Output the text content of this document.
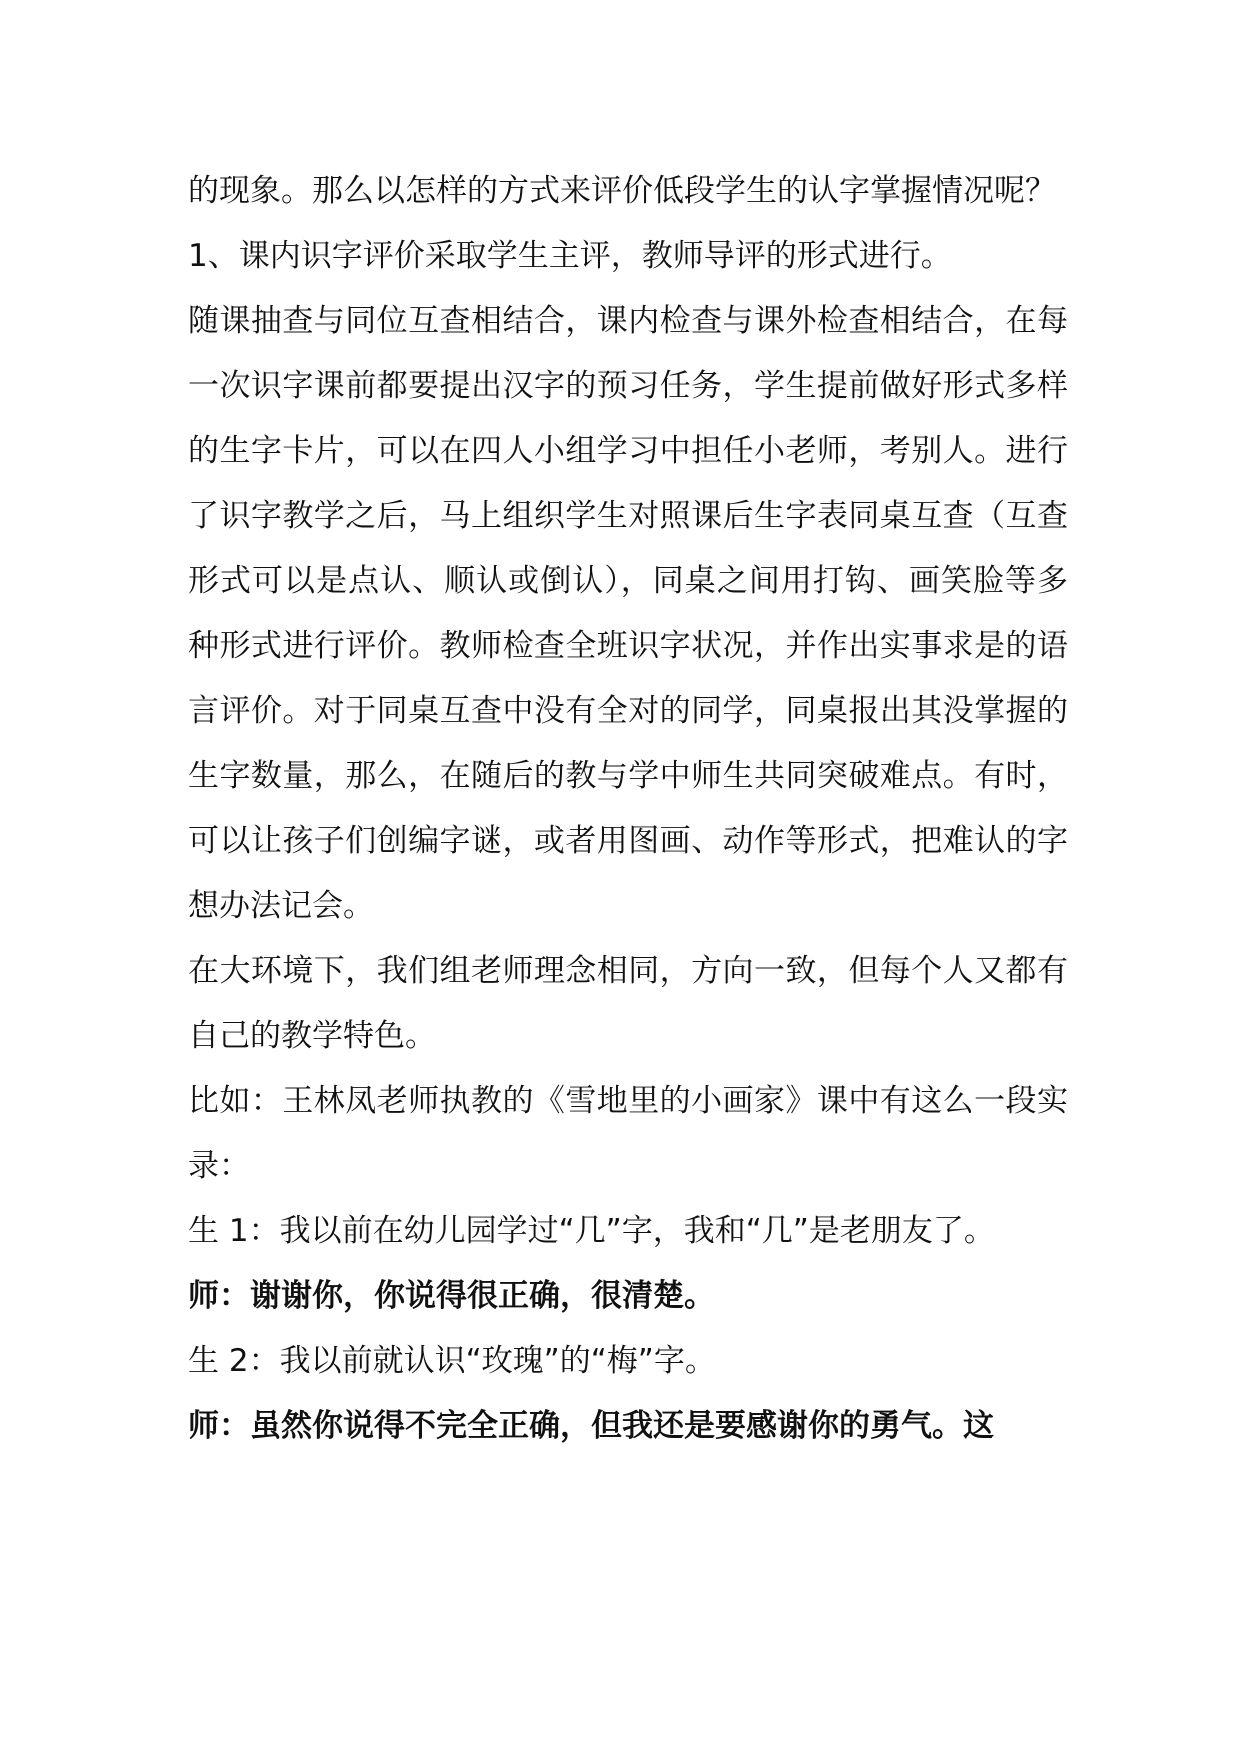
的现象。那么以怎样的方式来评价低段学生的认字掌握情况呢？

1、课内识字评价采取学生主评，教师导评的形式进行。

随课抽查与同位互查相结合，课内检查与课外检查相结合，在每一次识字课前都要提出汉字的预习任务，学生提前做好形式多样的生字卡片，可以在四人小组学习中担任小老师，考别人。进行了识字教学之后，马上组织学生对照课后生字表同桌互查（互查形式可以是点认、顺认或倒认），同桌之间用打钩、画笑脸等多种形式进行评价。教师检查全班识字状况，并作出实事求是的语言评价。对于同桌互查中没有全对的同学，同桌报出其没掌握的生字数量，那么，在随后的教与学中师生共同突破难点。有时，可以让孩子们创编字谜，或者用图画、动作等形式，把难认的字想办法记会。

在大环境下，我们组老师理念相同，方向一致，但每个人又都有自己的教学特色。

比如：王林凤老师执教的《雪地里的小画家》课中有这么一段实录：

生 1：我以前在幼儿园学过“几”字，我和“几”是老朋友了。

师：谢谢你，你说得很正确，很清楚。

生 2：我以前就认识“玫瑰”的“梅”字。

师：虽然你说得不完全正确，但我还是要感谢你的勇气。这
